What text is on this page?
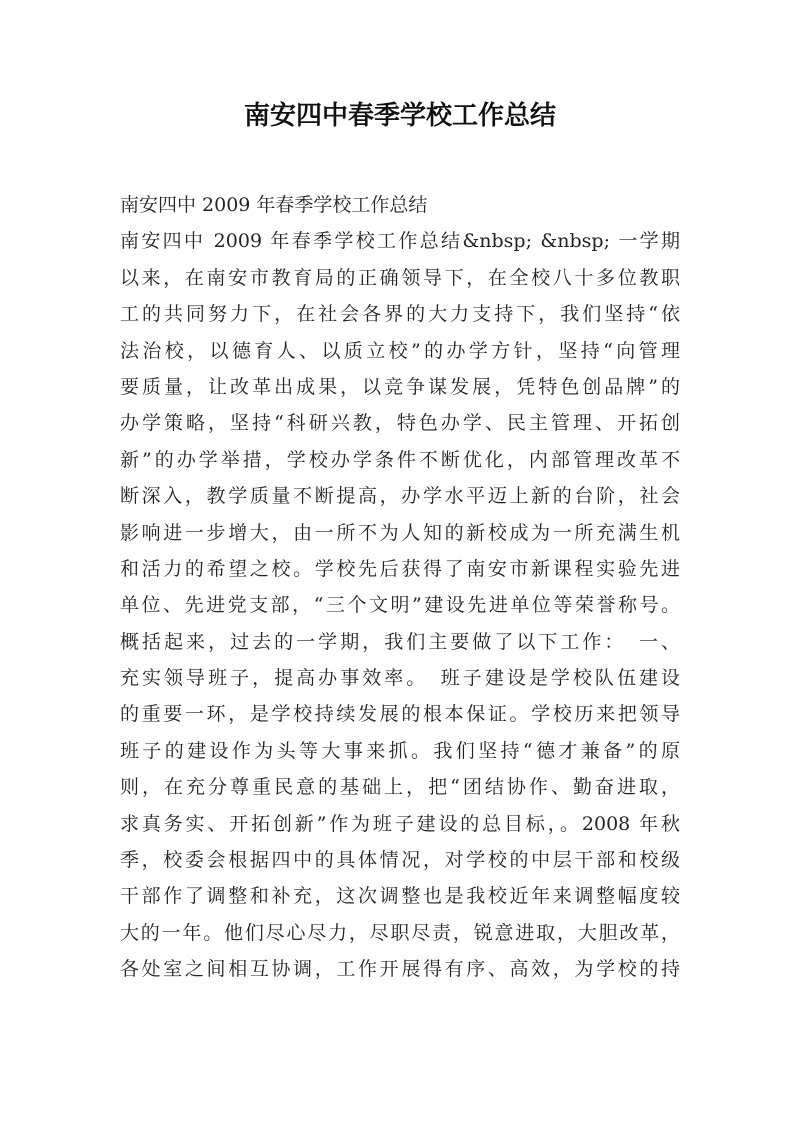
南安四中春季学校工作总结
南安四中 2009 年春季学校工作总结
南安四中 2009 年春季学校工作总结&nbsp; &nbsp; 一学期
以来，在南安市教育局的正确领导下，在全校八十多位教职
工的共同努力下，在社会各界的大力支持下，我们坚持“依
法治校，以德育人、以质立校”的办学方针，坚持“向管理
要质量，让改革出成果，以竞争谋发展，凭特色创品牌”的
办学策略，坚持“科研兴教，特色办学、民主管理、开拓创
新”的办学举措，学校办学条件不断优化，内部管理改革不
断深入，教学质量不断提高，办学水平迈上新的台阶，社会
影响进一步增大，由一所不为人知的新校成为一所充满生机
和活力的希望之校。学校先后获得了南安市新课程实验先进
单位、先进党支部，“三个文明”建设先进单位等荣誉称号。
概括起来，过去的一学期，我们主要做了以下工作：　一、
充实领导班子，提高办事效率。　班子建设是学校队伍建设
的重要一环，是学校持续发展的根本保证。学校历来把领导
班子的建设作为头等大事来抓。我们坚持“德才兼备”的原
则，在充分尊重民意的基础上，把“团结协作、勤奋进取，
求真务实、开拓创新”作为班子建设的总目标，。2008 年秋
季，校委会根据四中的具体情况，对学校的中层干部和校级
干部作了调整和补充，这次调整也是我校近年来调整幅度较
大的一年。他们尽心尽力，尽职尽责，锐意进取，大胆改革，
各处室之间相互协调，工作开展得有序、高效，为学校的持
